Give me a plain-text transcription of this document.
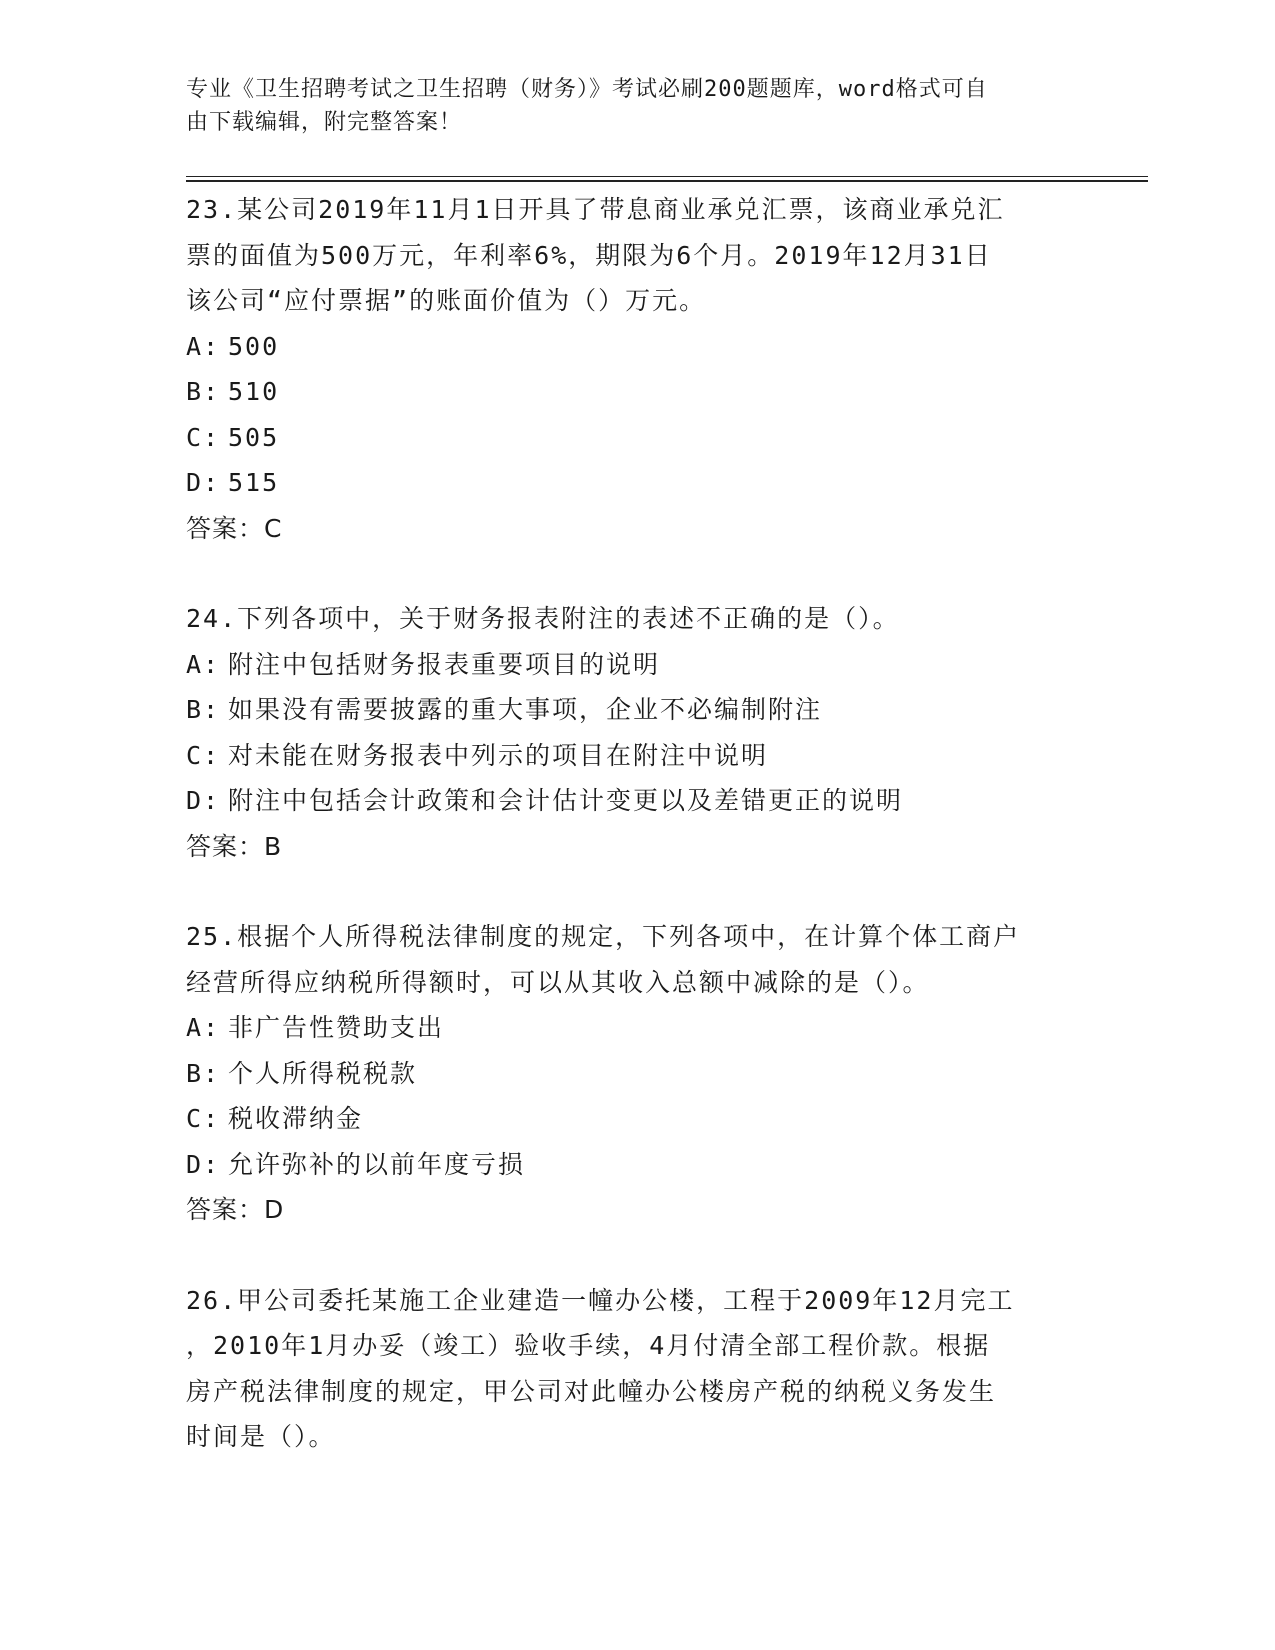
专业《卫生招聘考试之卫生招聘（财务）》考试必刷200题题库，word格式可自
由下载编辑，附完整答案！

23.某公司2019年11月1日开具了带息商业承兑汇票，该商业承兑汇

票的面值为500万元，年利率6%，期限为6个月。2019年12月31日

该公司“应付票据”的账面价值为（）万元。

A: 500

B: 510

C: 505

D: 515

答案：C

24.下列各项中，关于财务报表附注的表述不正确的是（）。

A: 附注中包括财务报表重要项目的说明

B: 如果没有需要披露的重大事项，企业不必编制附注

C: 对未能在财务报表中列示的项目在附注中说明

D: 附注中包括会计政策和会计估计变更以及差错更正的说明

答案：B

25.根据个人所得税法律制度的规定，下列各项中，在计算个体工商户

经营所得应纳税所得额时，可以从其收入总额中减除的是（）。

A: 非广告性赞助支出

B: 个人所得税税款

C: 税收滞纳金

D: 允许弥补的以前年度亏损

答案：D

26.甲公司委托某施工企业建造一幢办公楼，工程于2009年12月完工

，2010年1月办妥（竣工）验收手续，4月付清全部工程价款。根据

房产税法律制度的规定，甲公司对此幢办公楼房产税的纳税义务发生

时间是（）。
